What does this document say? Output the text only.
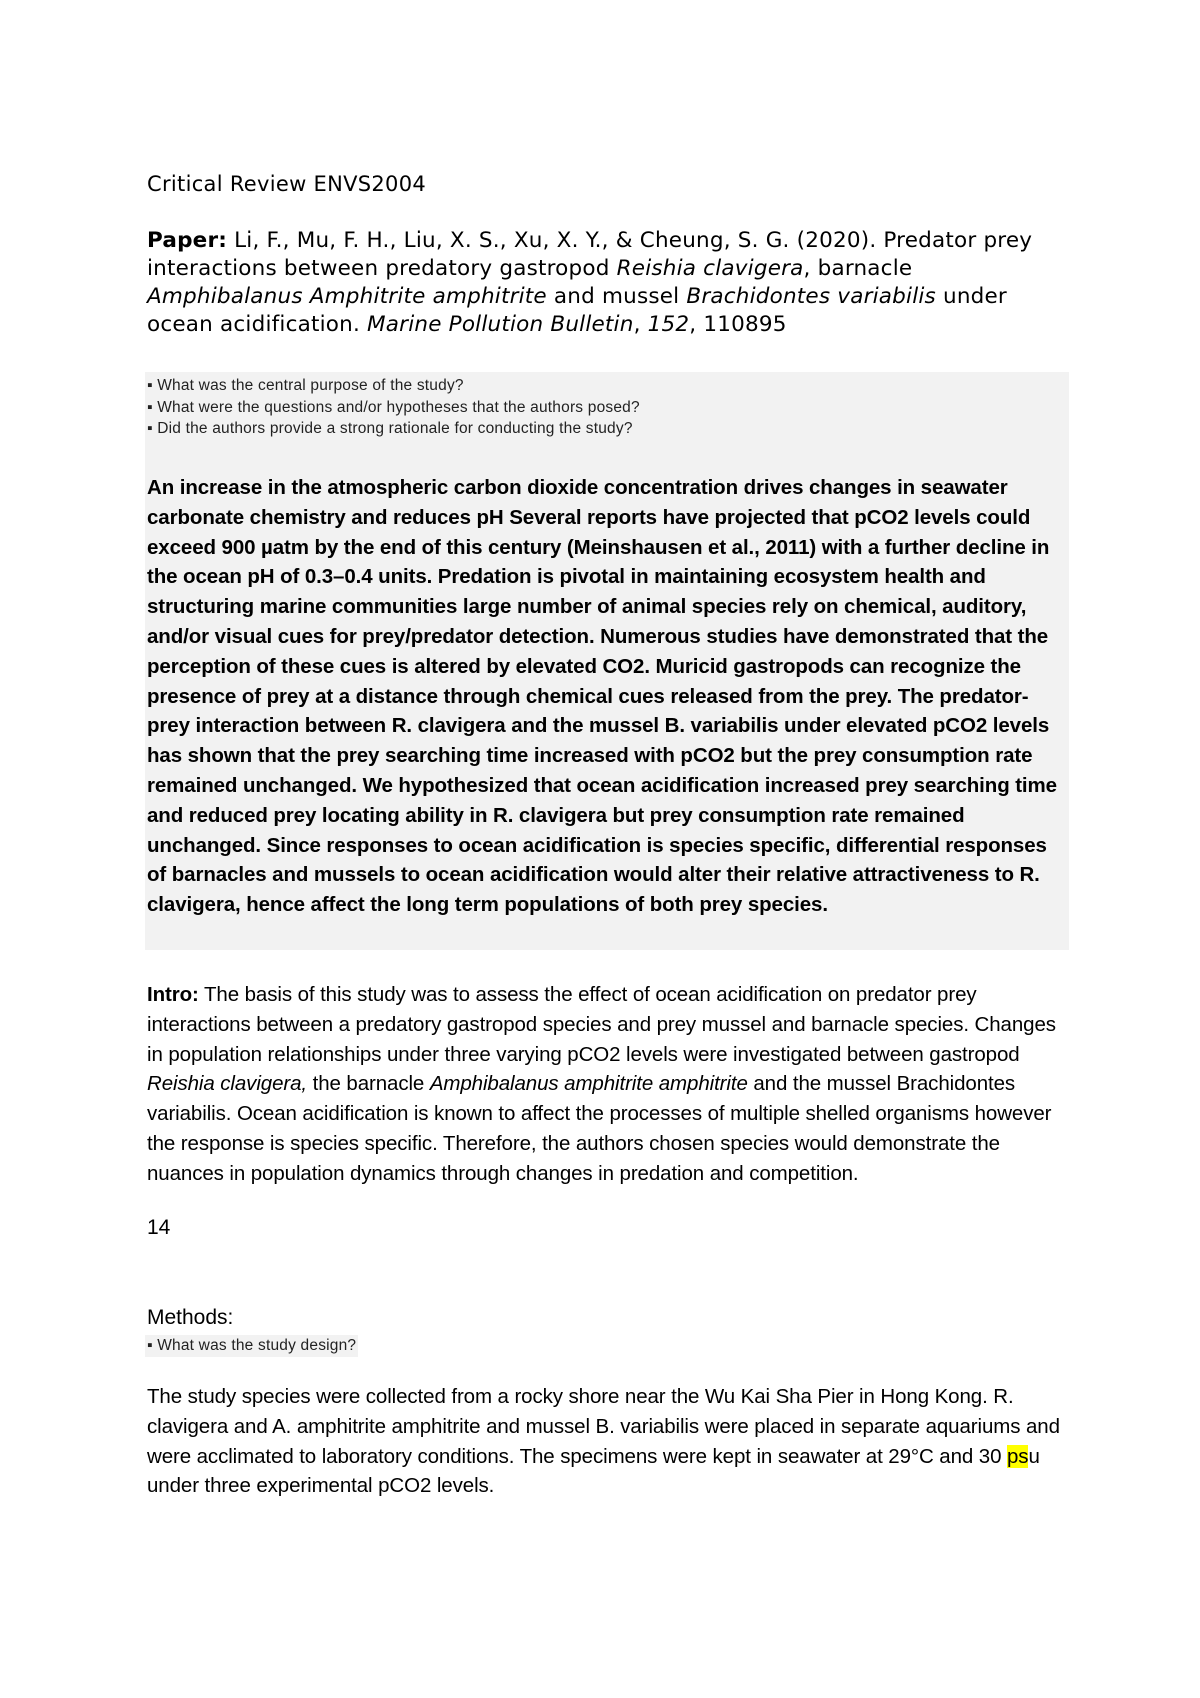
Critical Review ENVS2004
Paper: Li, F., Mu, F. H., Liu, X. S., Xu, X. Y., & Cheung, S. G. (2020). Predator prey interactions between predatory gastropod Reishia clavigera, barnacle Amphibalanus Amphitrite amphitrite and mussel Brachidontes variabilis under ocean acidification. Marine Pollution Bulletin, 152, 110895
▪ What was the central purpose of the study?
▪ What were the questions and/or hypotheses that the authors posed?
▪ Did the authors provide a strong rationale for conducting the study?
An increase in the atmospheric carbon dioxide concentration drives changes in seawater carbonate chemistry and reduces pH Several reports have projected that pCO2 levels could exceed 900 µatm by the end of this century (Meinshausen et al., 2011) with a further decline in the ocean pH of 0.3–0.4 units. Predation is pivotal in maintaining ecosystem health and structuring marine communities large number of animal species rely on chemical, auditory, and/or visual cues for prey/predator detection. Numerous studies have demonstrated that the perception of these cues is altered by elevated CO2. Muricid gastropods can recognize the presence of prey at a distance through chemical cues released from the prey. The predator-prey interaction between R. clavigera and the mussel B. variabilis under elevated pCO2 levels has shown that the prey searching time increased with pCO2 but the prey consumption rate remained unchanged. We hypothesized that ocean acidification increased prey searching time and reduced prey locating ability in R. clavigera but prey consumption rate remained unchanged. Since responses to ocean acidification is species specific, differential responses of barnacles and mussels to ocean acidification would alter their relative attractiveness to R. clavigera, hence affect the long term populations of both prey species.
Intro: The basis of this study was to assess the effect of ocean acidification on predator prey interactions between a predatory gastropod species and prey mussel and barnacle species. Changes in population relationships under three varying pCO2 levels were investigated between gastropod Reishia clavigera, the barnacle Amphibalanus amphitrite amphitrite and the mussel Brachidontes variabilis. Ocean acidification is known to affect the processes of multiple shelled organisms however the response is species specific. Therefore, the authors chosen species would demonstrate the nuances in population dynamics through changes in predation and competition.
14
Methods:
▪ What was the study design?
The study species were collected from a rocky shore near the Wu Kai Sha Pier in Hong Kong. R. clavigera and A. amphitrite amphitrite and mussel B. variabilis were placed in separate aquariums and were acclimated to laboratory conditions. The specimens were kept in seawater at 29°C and 30 psu under three experimental pCO2 levels.
